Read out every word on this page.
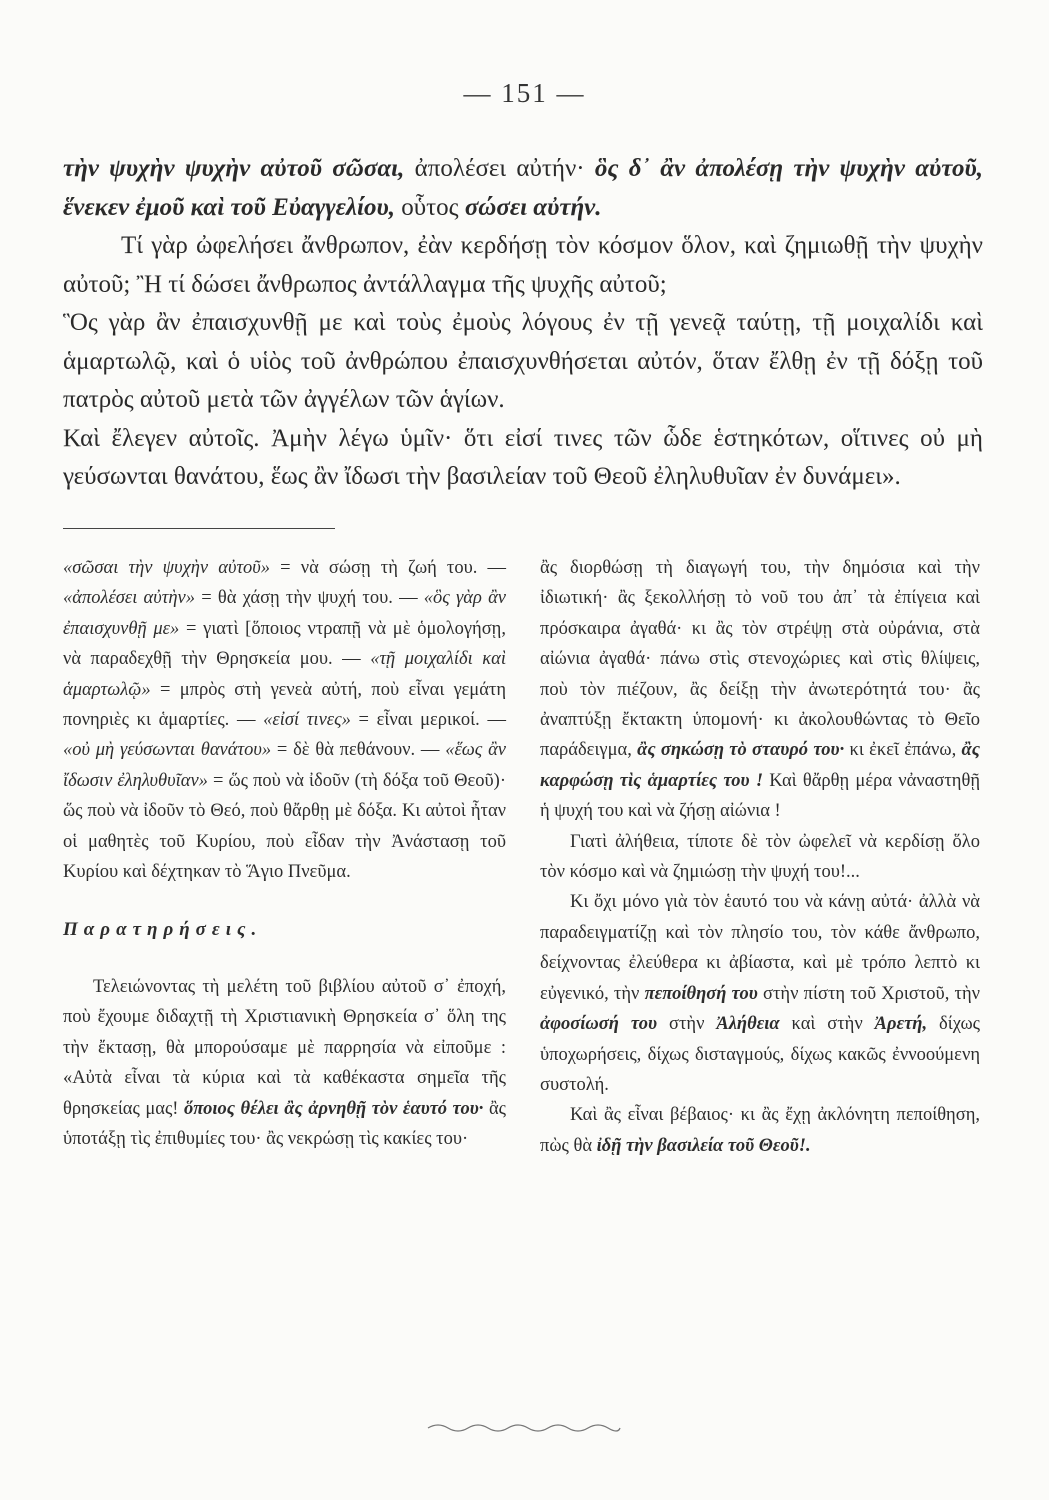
— 151 —

τὴν ψυχὴν ψυχὴν αὐτοῦ σῶσαι, ἀπολέσει αὐτήν· ὃς δ᾽ ἂν ἀπολέσῃ τὴν ψυχὴν αὐτοῦ, ἕνεκεν ἐμοῦ καὶ τοῦ Εὐαγγελίου, οὗτος σώσει αὐτήν.

Τί γὰρ ὠφελήσει ἄνθρωπον, ἐὰν κερδήσῃ τὸν κόσμον ὅλον, καὶ ζημιωθῇ τὴν ψυχὴν αὐτοῦ; Ἢ τί δώσει ἄνθρωπος ἀντάλλαγμα τῆς ψυχῆς αὐτοῦ;

Ὃς γὰρ ἂν ἐπαισχυνθῇ με καὶ τοὺς ἐμοὺς λόγους ἐν τῇ γενεᾷ ταύτῃ, τῇ μοιχαλίδι καὶ ἁμαρτωλῷ, καὶ ὁ υἱὸς τοῦ ἀνθρώπου ἐπαισχυνθήσεται αὐτόν, ὅταν ἔλθῃ ἐν τῇ δόξῃ τοῦ πατρὸς αὐτοῦ μετὰ τῶν ἀγγέλων τῶν ἁγίων.

Καὶ ἔλεγεν αὐτοῖς. Ἀμὴν λέγω ὑμῖν· ὅτι εἰσί τινες τῶν ὧδε ἑστηκότων, οἵτινες οὐ μὴ γεύσωνται θανάτου, ἕως ἂν ἴδωσι τὴν βασιλείαν τοῦ Θεοῦ ἐληλυθυῖαν ἐν δυνάμει».

«σῶσαι τὴν ψυχὴν αὐτοῦ» = νὰ σώσῃ τὴ ζωή του. — «ἀπολέσει αὐτὴν» = θὰ χάσῃ τὴν ψυχή του. — «ὃς γὰρ ἂν ἐπαισχυνθῇ με» = γιατὶ [ὅποιος ντραπῇ νὰ μὲ ὁμολογήσῃ, νὰ παραδεχθῇ τὴν Θρησκεία μου. — «τῇ μοιχαλίδι καὶ ἁμαρτωλῷ» = μπρὸς στὴ γενεὰ αὐτή, ποὺ εἶναι γεμάτη πονηριὲς κι ἁμαρτίες. — «εἰσί τινες» = εἶναι μερικοί. — «οὐ μὴ γεύσωνται θανάτου» = δὲ θὰ πεθάνουν. — «ἕως ἂν ἴδωσιν ἐληλυθυῖαν» = ὥς ποὺ νὰ ἰδοῦν (τὴ δόξα τοῦ Θεοῦ)· ὥς ποὺ νὰ ἰδοῦν τὸ Θεό, ποὺ θἄρθῃ μὲ δόξα. Κι αὐτοὶ ἦταν οἱ μαθητὲς τοῦ Κυρίου, ποὺ εἶδαν τὴν Ἀνάστασῃ τοῦ Κυρίου καὶ δέχτηκαν τὸ Ἅγιο Πνεῦμα.

Παρατηρήσεις.

Τελειώνοντας τὴ μελέτη τοῦ βιβλίου αὐτοῦ σ᾽ ἐποχή, ποὺ ἔχουμε διδαχτῇ τὴ Χριστιανικὴ Θρησκεία σ᾽ ὅλη της τὴν ἔκτασῃ, θὰ μπορούσαμε μὲ παρρησία νὰ εἰποῦμε : «Αὐτὰ εἶναι τὰ κύρια καὶ τὰ καθέκαστα σημεῖα τῆς θρησκείας μας! ὅποιος θέλει ἂς ἀρνηθῇ τὸν ἑαυτό του· ἂς ὑποτάξῃ τὶς ἐπιθυμίες του· ἂς νεκρώσῃ τὶς κακίες του·

ἂς διορθώσῃ τὴ διαγωγή του, τὴν δημόσια καὶ τὴν ἰδιωτική· ἂς ξεκολλήσῃ τὸ νοῦ του ἀπ᾽ τὰ ἐπίγεια καὶ πρόσκαιρα ἀγαθά· κι ἂς τὸν στρέψῃ στὰ οὐράνια, στὰ αἰώνια ἀγαθά· πάνω στὶς στενοχώριες καὶ στὶς θλίψεις, ποὺ τὸν πιέζουν, ἂς δείξῃ τὴν ἀνωτερότητά του· ἂς ἀναπτύξῃ ἔκτακτη ὑπομονή· κι ἀκολουθώντας τὸ Θεῖο παράδειγμα, ἂς σηκώσῃ τὸ σταυρό του· κι ἐκεῖ ἐπάνω, ἂς καρφώσῃ τὶς ἁμαρτίες του ! Καὶ θἄρθῃ μέρα νἀναστηθῇ ἡ ψυχή του καὶ νὰ ζήσῃ αἰώνια !

Γιατὶ ἀλήθεια, τίποτε δὲ τὸν ὠφελεῖ νὰ κερδίσῃ ὅλο τὸν κόσμο καὶ νὰ ζημιώσῃ τὴν ψυχή του!...

Κι ὄχι μόνο γιὰ τὸν ἑαυτό του νὰ κάνῃ αὐτά· ἀλλὰ νὰ παραδειγματίζῃ καὶ τὸν πλησίο του, τὸν κάθε ἄνθρωπο, δείχνοντας ἐλεύθερα κι ἀβίαστα, καὶ μὲ τρόπο λεπτὸ κι εὐγενικό, τὴν πεποίθησή του στὴν πίστη τοῦ Χριστοῦ, τὴν ἀφοσίωσή του στὴν Ἀλήθεια καὶ στὴν Ἀρετή, δίχως ὑποχωρήσεις, δίχως δισταγμούς, δίχως κακῶς ἐννοούμενη συστολή.

Καὶ ἂς εἶναι βέβαιος· κι ἂς ἔχῃ ἀκλόνητη πεποίθηση, πὼς θὰ ἰδῇ τὴν βασιλεία τοῦ Θεοῦ!.
